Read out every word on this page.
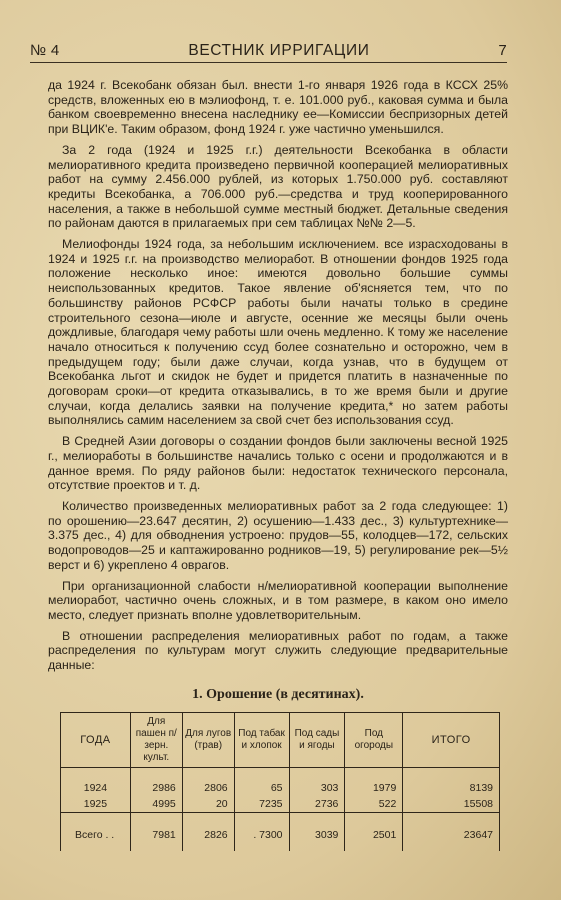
№ 4	ВЕСТНИК ИРРИГАЦИИ	7

да 1924 г. Всекобанк обязан был. внести 1-го января 1926 года в КССХ 25% средств, вложенных ею в мэлиофонд, т. е. 101.000 руб., каковая сумма и была банком своевременно внесена наследнику ее—Комиссии беспризорных детей при ВЦИК'е. Таким образом, фонд 1924 г. уже частично уменьшился.

За 2 года (1924 и 1925 г.г.) деятельности Всекобанка в области мелиоративного кредита произведено первичной кооперацией мелиоративных работ на сумму 2.456.000 рублей, из которых 1.750.000 руб. составляют кредиты Всекобанка, а 706.000 руб.—средства и труд кооперированного населения, а также в небольшой сумме местный бюджет. Детальные сведения по районам даются в прилагаемых при сем таблицах №№ 2—5.

Мелиофонды 1924 года, за небольшим исключением. все израсходованы в 1924 и 1925 г.г. на производство мелиоработ. В отношении фондов 1925 года положение несколько иное: имеются довольно большие суммы неиспользованных кредитов. Такое явление об'ясняется тем, что по большинству районов РСФСР работы были начаты только в средине строительного сезона—июле и августе, осенние же месяцы были очень дождливые, благодаря чему работы шли очень медленно. К тому же население начало относиться к получению ссуд более сознательно и осторожно, чем в предыдущем году; были даже случаи, когда узнав, что в будущем от Всекобанка льгот и скидок не будет и придется платить в назначенные по договорам сроки—от кредита отказывались, в то же время были и другие случаи, когда делались заявки на получение кредита,* но затем работы выполнялись самим населением за свой счет без использования ссуд.

В Средней Азии договоры о создании фондов были заключены весной 1925 г., мелиоработы в большинстве начались только с осени и продолжаются и в данное время. По ряду районов были: недостаток технического персонала, отсутствие проектов и т. д.

Количество произведенных мелиоративных работ за 2 года следующее: 1) по орошению—23.647 десятин, 2) осушению—1.433 дес., 3) культуртехнике—3.375 дес., 4) для обводнения устроено: прудов—55, колодцев—172, сельских водопроводов—25 и каптажированно родников—19, 5) регулирование рек—5½ верст и 6) укреплено 4 оврагов.

При организационной слабости н/мелиоративной кооперации выполнение мелиоработ, частично очень сложных, и в том размере, в каком оно имело место, следует признать вполне удовлетворительным.

В отношении распределения мелиоративных работ по годам, а также распределения по культурам могут служить следующие предварительные данные:

1. Орошение (в десятинах).
ГОДА	Для пашен п/зерн. культ.	Для лугов (трав)	Под табак и хлопок	Под сады и ягоды	Под огороды	ИТОГО
1924	2986	2806	65	303	1979	8139
1925	4995	20	7235	2736	522	15508
Всего . .	7981	2826	. 7300	3039	2501	23647
